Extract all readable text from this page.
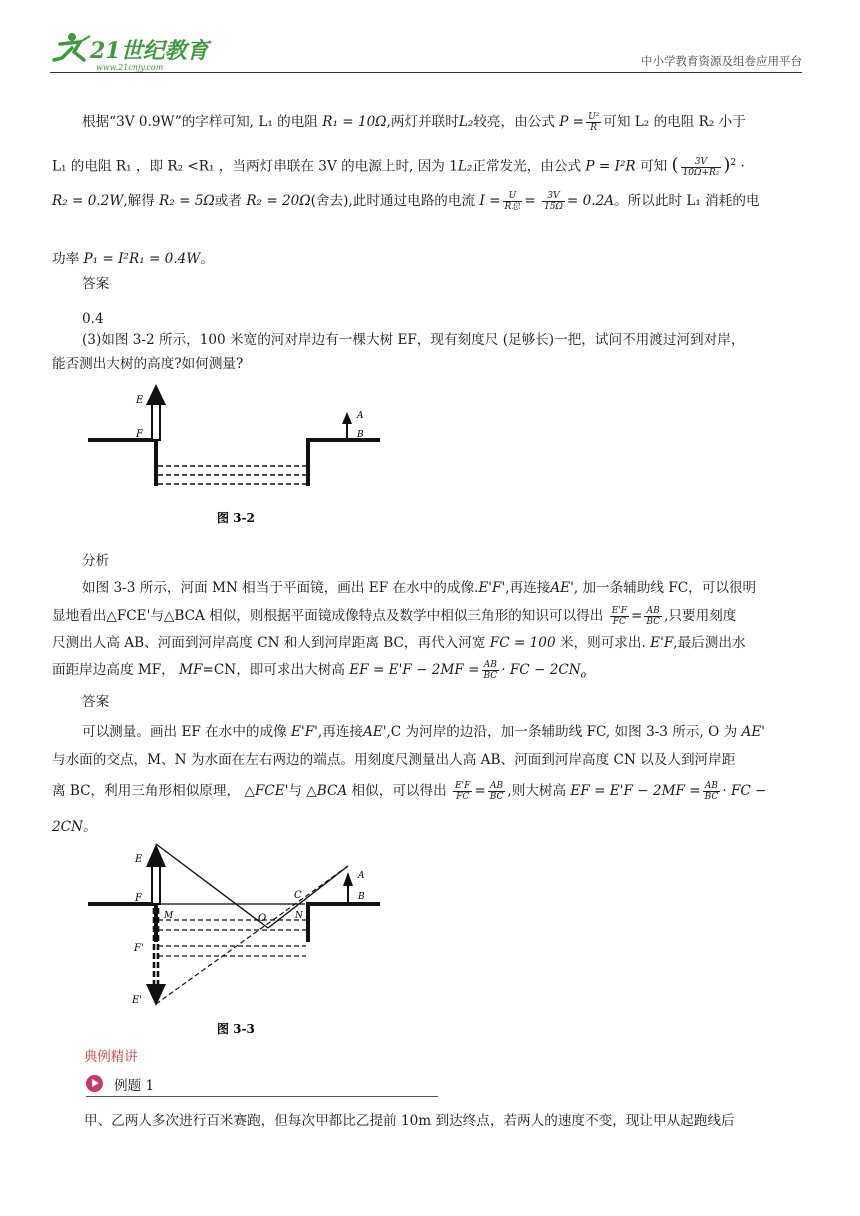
21世纪教育
www.21cnjy.com	中小学教育资源及组卷应用平台
根据“3V 0.9W”的字样可知, L₁ 的电阻 R₁ = 10Ω,两灯并联时L₂较亮，由公式 $P = \frac{\text{U²}}{R}$ 可知 L₂ 的电阻 R₂ 小于
L₁ 的电阻 R₁ ，即 R₂ <R₁ ，当两灯串联在 3V 的电源上时, 因为 1L₂正常发光，由公式 P = I²R 可知 ( $\frac{3V}{\text{10Ω+R₂}} )^2$ ·
R₂ = 0.2W,解得 R₂ = 5Ω或者 R₂ = 20Ω(舍去),此时通过电路的电流 $I = \frac{U}{\text{R总}} = \frac{3V}{15\Omega} = 0.2A$。所以此时 L₁ 消耗的电
功率 P₁ = I²R₁ = 0.4W。
答案
0.4
(3)如图 3-2 所示，100 米宽的河对岸边有一棵大树 EF，现有刻度尺 (足够长)一把，试问不用渡过河到对岸，
能否测出大树的高度?如何测量?
E
F
A
B
图 3-2
分析
如图 3-3 所示，河面 MN 相当于平面镜，画出 EF 在水中的成像.E'F',再连接AE', 加一条辅助线 FC，可以很明
显地看出△FCE'与△BCA 相似，则根据平面镜成像特点及数学中相似三角形的知识可以得出 $\frac{E'F}{FC} = \frac{AB}{BC}$ ,只要用刻度
尺测出人高 AB、河面到河岸高度 CN 和人到河岸距离 BC，再代入河宽 FC = 100 米，则可求出. E'F,最后测出水
面距岸边高度 MF， MF=CN，即可求出大树高 EF = $E'F - 2MF = \frac{AB}{BC}$ · FC − $2CN_o$
答案
可以测量。画出 EF 在水中的成像 E'F',再连接AE',C 为河岸的边沿，加一条辅助线 FC, 如图 3-3 所示, O 为 AE'
与水面的交点，M、N 为水面在左右两边的端点。用刻度尺测量出人高 AB、河面到河岸高度 CN 以及人到河岸距
离 BC，利用三角形相似原理， △FCE'与 △BCA 相似，可以得出 $\frac{E'F}{FC} = \frac{AB}{BC}$ ,则大树高 EF = $E'F - 2MF = \frac{AB}{BC}$ · FC −
2CN。
E
F
A
B
C
M	O	N
F'
E'
图 3-3
典例精讲
例题 1
甲、乙两人多次进行百米赛跑，但每次甲都比乙提前 10m 到达终点，若两人的速度不变，现让甲从起跑线后
